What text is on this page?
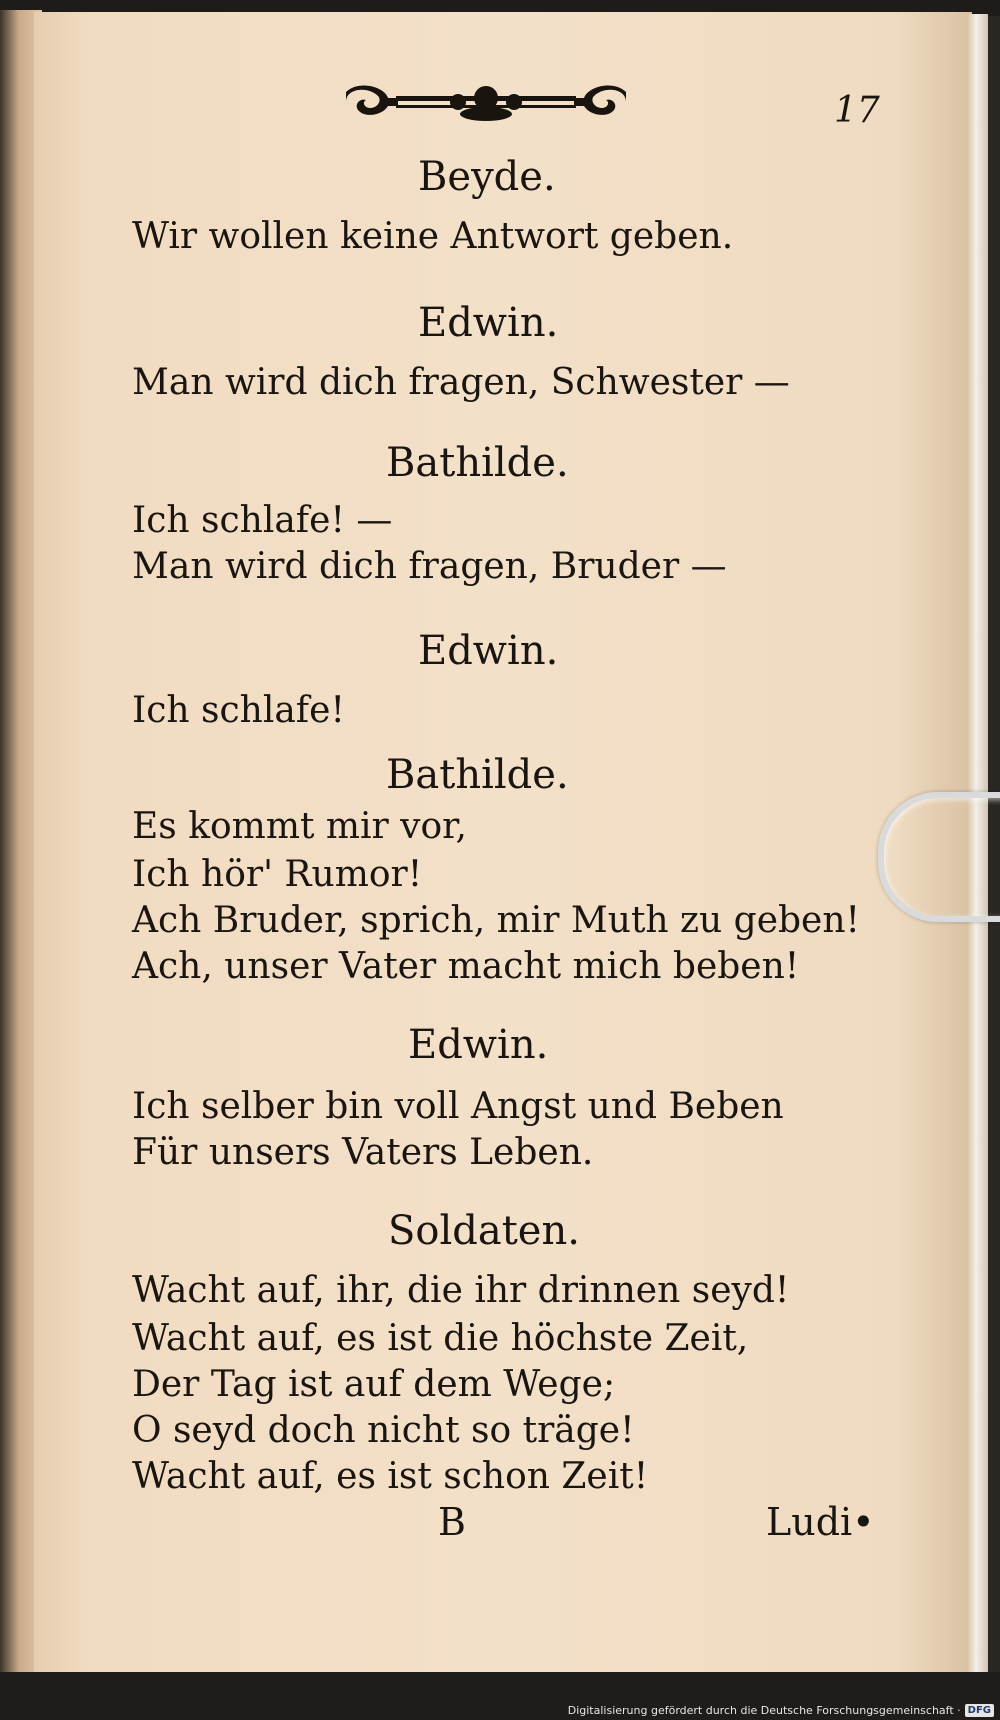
17
Beyde.
Wir wollen keine Antwort geben.
Edwin.
Man wird dich fragen, Schwester —
Bathilde.
Ich schlafe! —
Man wird dich fragen, Bruder —
Edwin.
Ich schlafe!
Bathilde.
Es kommt mir vor,
Ich hör' Rumor!
Ach Bruder, sprich, mir Muth zu geben!
Ach, unser Vater macht mich beben!
Edwin.
Ich selber bin voll Angst und Beben
Für unsers Vaters Leben.
Soldaten.
Wacht auf, ihr, die ihr drinnen seyd!
Wacht auf, es ist die höchste Zeit,
Der Tag ist auf dem Wege;
O seyd doch nicht so träge!
Wacht auf, es ist schon Zeit!
B	Ludi•
Digitalisierung gefördert durch die Deutsche Forschungsgemeinschaft · DFG
